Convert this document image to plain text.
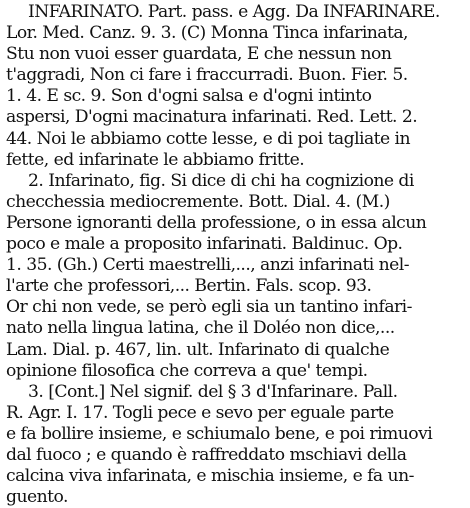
INFARINATO. Part. pass. e Agg. Da INFARINARE.
Lor. Med. Canz. 9. 3. (C) Monna Tinca infarinata,
Stu non vuoi esser guardata, E che nessun non
t'aggradi, Non ci fare i fraccurradi. Buon. Fier. 5.
1. 4. E sc. 9. Son d'ogni salsa e d'ogni intinto
aspersi, D'ogni macinatura infarinati. Red. Lett. 2.
44. Noi le abbiamo cotte lesse, e di poi tagliate in
fette, ed infarinate le abbiamo fritte.
2. Infarinato, fig. Si dice di chi ha cognizione di
checchessia mediocremente. Bott. Dial. 4. (M.)
Persone ignoranti della professione, o in essa alcun
poco e male a proposito infarinati. Baldinuc. Op.
1. 35. (Gh.) Certi maestrelli,..., anzi infarinati nel-
l'arte che professori,... Bertin. Fals. scop. 93.
Or chi non vede, se però egli sia un tantino infari-
nato nella lingua latina, che il Doléo non dice,...
Lam. Dial. p. 467, lin. ult. Infarinato di qualche
opinione filosofica che correva a que' tempi.
3. [Cont.] Nel signif. del § 3 d'Infarinare. Pall.
R. Agr. I. 17. Togli pece e sevo per eguale parte
e fa bollire insieme, e schiumalo bene, e poi rimuovi
dal fuoco ; e quando è raffreddato mschiavi della
calcina viva infarinata, e mischia insieme, e fa un-
guento.
